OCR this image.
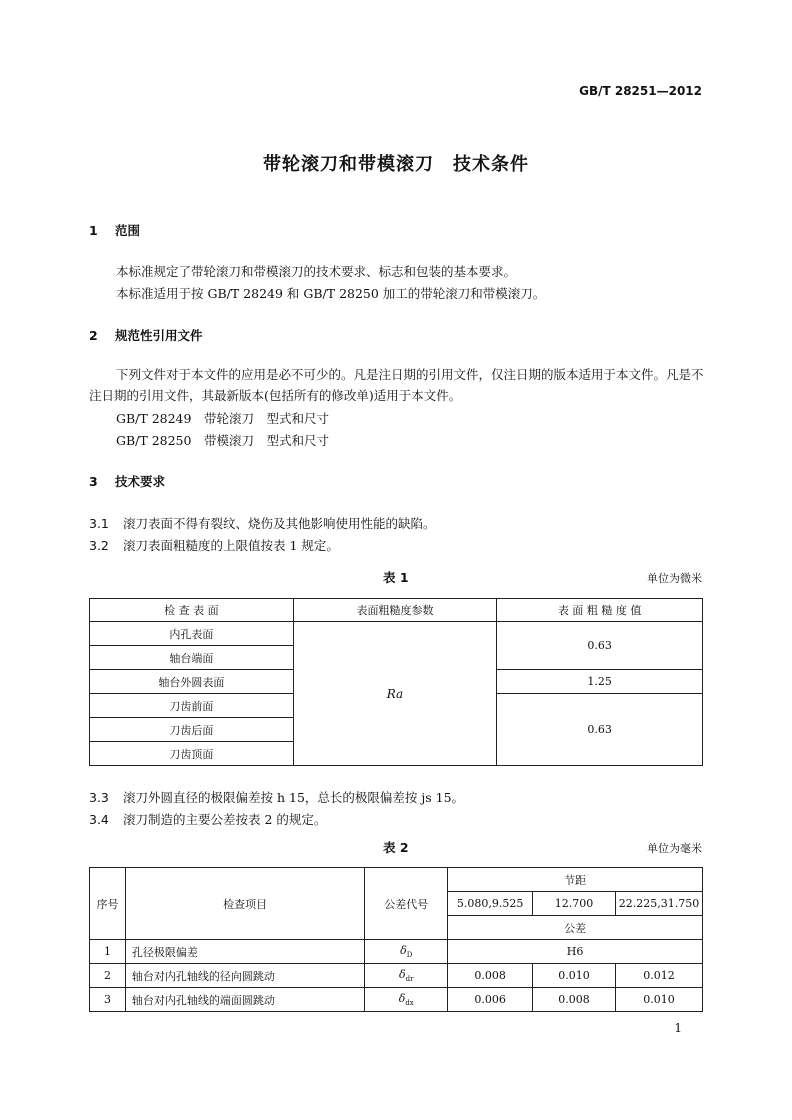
GB/T 28251—2012
带轮滚刀和带模滚刀　技术条件
1 范围
本标准规定了带轮滚刀和带模滚刀的技术要求、标志和包装的基本要求。
本标准适用于按 GB/T 28249 和 GB/T 28250 加工的带轮滚刀和带模滚刀。
2 规范性引用文件
下列文件对于本文件的应用是必不可少的。凡是注日期的引用文件，仅注日期的版本适用于本文件。凡是不注日期的引用文件，其最新版本(包括所有的修改单)适用于本文件。
GB/T 28249　带轮滚刀　型式和尺寸
GB/T 28250　带模滚刀　型式和尺寸
3 技术要求
3.1 滚刀表面不得有裂纹、烧伤及其他影响使用性能的缺陷。
3.2 滚刀表面粗糙度的上限值按表 1 规定。
表 1	单位为微米
检 查 表 面	表面粗糙度参数	表 面 粗 糙 度 值
内孔表面	Ra	0.63
轴台端面		
轴台外圆表面		1.25
刀齿前面		0.63
刀齿后面		
刀齿顶面		
3.3 滚刀外圆直径的极限偏差按 h 15，总长的极限偏差按 js 15。
3.4 滚刀制造的主要公差按表 2 的规定。
表 2	单位为毫米
序号	检查项目	公差代号	节距		
			5.080,9.525	12.700	22.225,31.750
			公差		
1	孔径极限偏差	$\delta_D$	H6		
2	轴台对内孔轴线的径向圆跳动	$\delta_{dr}$	0.008	0.010	0.012
3	轴台对内孔轴线的端面圆跳动	$\delta_{dx}$	0.006	0.008	0.010
1
